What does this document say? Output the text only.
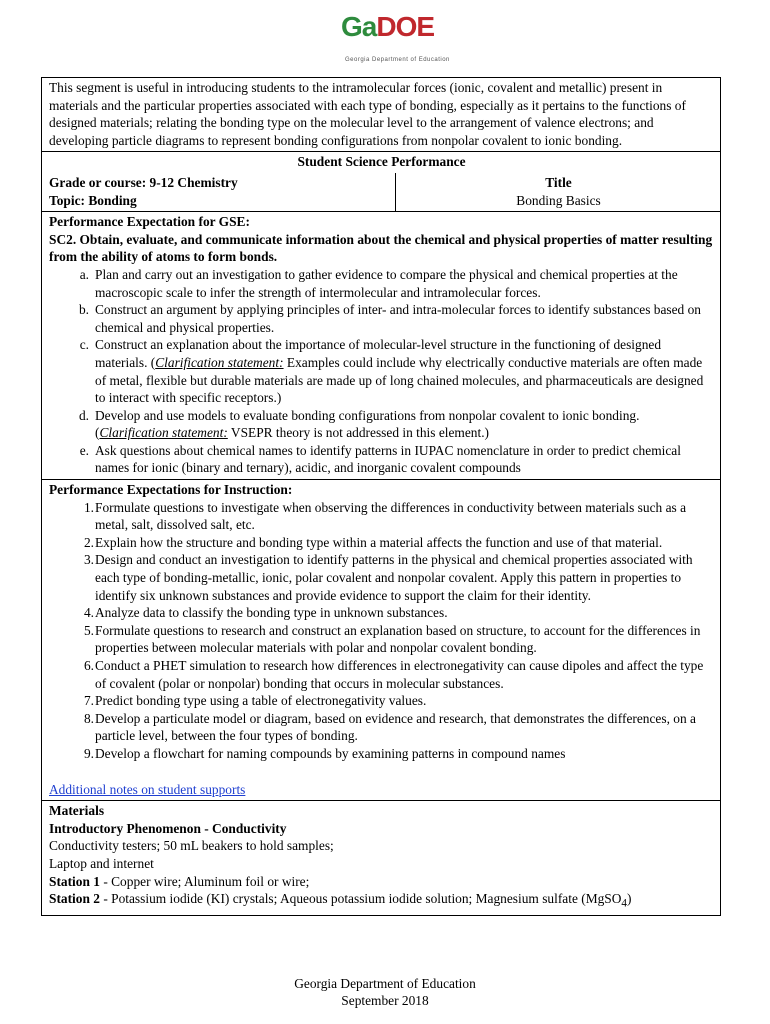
GaDOE
Georgia Department of Education
This segment is useful in introducing students to the intramolecular forces (ionic, covalent and metallic) present in materials and the particular properties associated with each type of bonding, especially as it pertains to the functions of designed materials; relating the bonding type on the molecular level to the arrangement of valence electrons; and developing particle diagrams to represent bonding configurations from nonpolar covalent to ionic bonding.
Student Science Performance
Grade or course: 9-12 Chemistry
Topic: Bonding
Title
Bonding Basics
Performance Expectation for GSE:
SC2. Obtain, evaluate, and communicate information about the chemical and physical properties of matter resulting from the ability of atoms to form bonds.
a. Plan and carry out an investigation to gather evidence to compare the physical and chemical properties at the macroscopic scale to infer the strength of intermolecular and intramolecular forces.
b. Construct an argument by applying principles of inter- and intra-molecular forces to identify substances based on chemical and physical properties.
c. Construct an explanation about the importance of molecular-level structure in the functioning of designed materials. (Clarification statement: Examples could include why electrically conductive materials are often made of metal, flexible but durable materials are made up of long chained molecules, and pharmaceuticals are designed to interact with specific receptors.)
d. Develop and use models to evaluate bonding configurations from nonpolar covalent to ionic bonding. (Clarification statement: VSEPR theory is not addressed in this element.)
e. Ask questions about chemical names to identify patterns in IUPAC nomenclature in order to predict chemical names for ionic (binary and ternary), acidic, and inorganic covalent compounds
Performance Expectations for Instruction:
1. Formulate questions to investigate when observing the differences in conductivity between materials such as a metal, salt, dissolved salt, etc.
2. Explain how the structure and bonding type within a material affects the function and use of that material.
3. Design and conduct an investigation to identify patterns in the physical and chemical properties associated with each type of bonding-metallic, ionic, polar covalent and nonpolar covalent. Apply this pattern in properties to identify six unknown substances and provide evidence to support the claim for their identity.
4. Analyze data to classify the bonding type in unknown substances.
5. Formulate questions to research and construct an explanation based on structure, to account for the differences in properties between molecular materials with polar and nonpolar covalent bonding.
6. Conduct a PHET simulation to research how differences in electronegativity can cause dipoles and affect the type of covalent (polar or nonpolar) bonding that occurs in molecular substances.
7. Predict bonding type using a table of electronegativity values.
8. Develop a particulate model or diagram, based on evidence and research, that demonstrates the differences, on a particle level, between the four types of bonding.
9. Develop a flowchart for naming compounds by examining patterns in compound names
Additional notes on student supports
Materials
Introductory Phenomenon - Conductivity
Conductivity testers; 50 mL beakers to hold samples;
Laptop and internet
Station 1 - Copper wire; Aluminum foil or wire;
Station 2 - Potassium iodide (KI) crystals; Aqueous potassium iodide solution; Magnesium sulfate (MgSO$_4$)
Georgia Department of Education
September 2018
